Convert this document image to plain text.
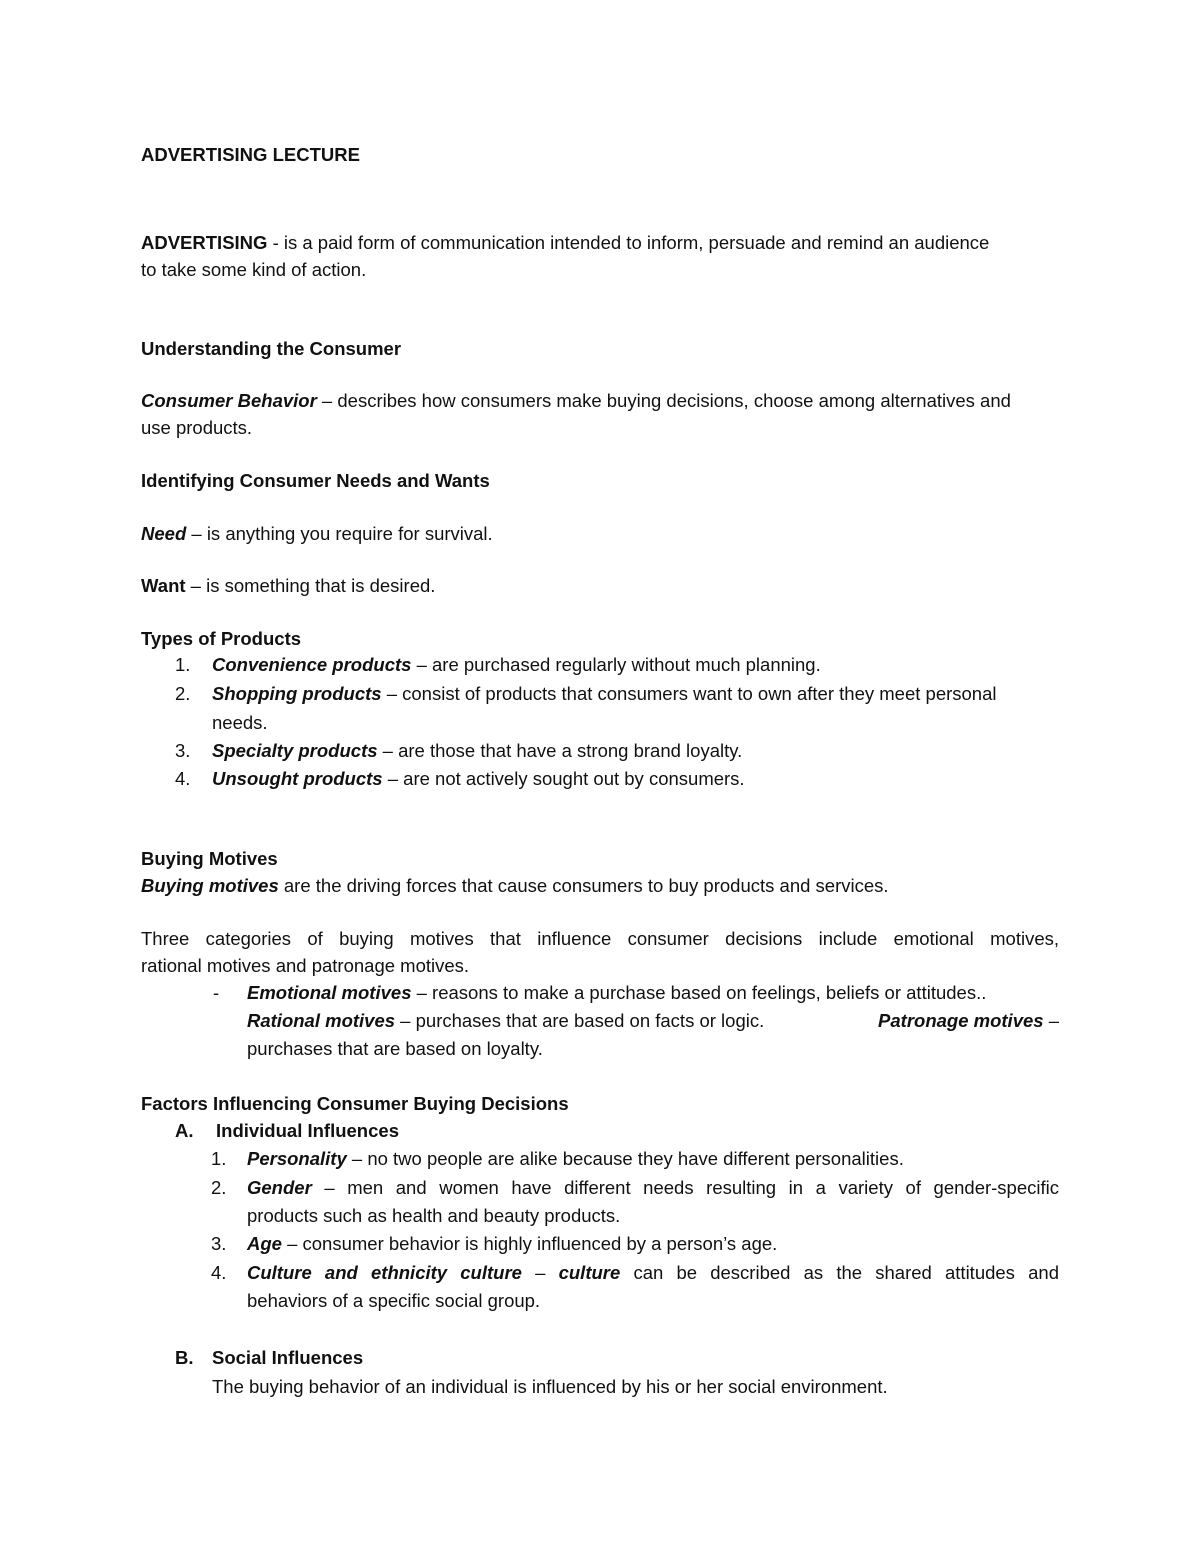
ADVERTISING LECTURE
ADVERTISING - is a paid form of communication intended to inform, persuade and remind an audience
to take some kind of action.
Understanding the Consumer
Consumer Behavior – describes how consumers make buying decisions, choose among alternatives and
use products.
Identifying Consumer Needs and Wants
Need – is anything you require for survival.
Want – is something that is desired.
Types of Products
1. Convenience products – are purchased regularly without much planning.
2. Shopping products – consist of products that consumers want to own after they meet personal
needs.
3. Specialty products – are those that have a strong brand loyalty.
4. Unsought products – are not actively sought out by consumers.
Buying Motives
Buying motives are the driving forces that cause consumers to buy products and services.
Three categories of buying motives that influence consumer decisions include emotional motives,
rational motives and patronage motives.
- Emotional motives – reasons to make a purchase based on feelings, beliefs or attitudes..
Rational motives – purchases that are based on facts or logic.	Patronage motives –
purchases that are based on loyalty.
Factors Influencing Consumer Buying Decisions
A. Individual Influences
1. Personality – no two people are alike because they have different personalities.
2. Gender – men and women have different needs resulting in a variety of gender-specific
products such as health and beauty products.
3. Age – consumer behavior is highly influenced by a person’s age.
4. Culture and ethnicity culture – culture can be described as the shared attitudes and
behaviors of a specific social group.
B. Social Influences
The buying behavior of an individual is influenced by his or her social environment.
